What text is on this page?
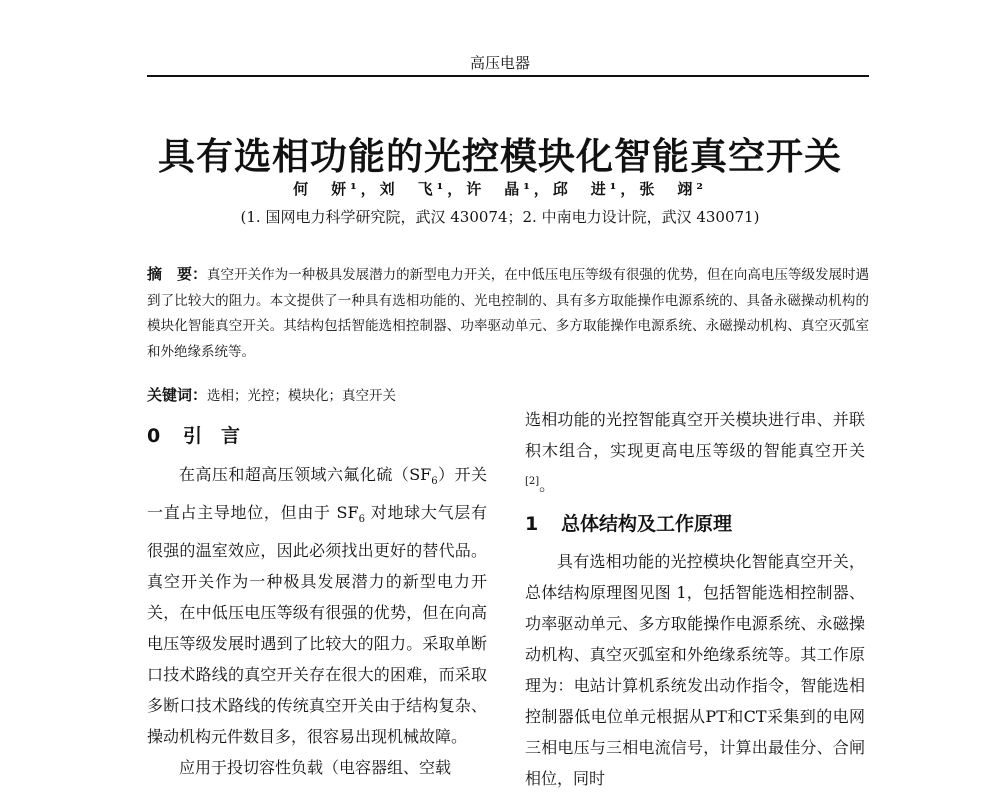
高压电器
具有选相功能的光控模块化智能真空开关
何　妍¹，刘　飞¹，许　晶¹，邱　进¹，张　翊²
(1. 国网电力科学研究院，武汉 430074；2. 中南电力设计院，武汉 430071)
摘　要：真空开关作为一种极具发展潜力的新型电力开关，在中低压电压等级有很强的优势，但在向高电压等级发展时遇到了比较大的阻力。本文提供了一种具有选相功能的、光电控制的、具有多方取能操作电源系统的、具备永磁操动机构的模块化智能真空开关。其结构包括智能选相控制器、功率驱动单元、多方取能操作电源系统、永磁操动机构、真空灭弧室和外绝缘系统等。
关键词：选相；光控；模块化；真空开关
0 引　言

在高压和超高压领域六氟化硫$(SF_6)$开关一直占主导地位，但由于 $SF_6$ 对地球大气层有很强的温室效应，因此必须找出更好的替代品。真空开关作为一种极具发展潜力的新型电力开关，在中低压电压等级有很强的优势，但在向高电压等级发展时遇到了比较大的阻力。采取单断口技术路线的真空开关存在很大的困难，而采取多断口技术路线的传统真空开关由于结构复杂、操动机构元件数目多，很容易出现机械故障。

应用于投切容性负载（电容器组、空载

选相功能的光控智能真空开关模块进行串、并联积木组合，实现更高电压等级的智能真空开关[2]。

1 总体结构及工作原理

具有选相功能的光控模块化智能真空开关，总体结构原理图见图 1，包括智能选相控制器、功率驱动单元、多方取能操作电源系统、永磁操动机构、真空灭弧室和外绝缘系统等。其工作原理为：电站计算机系统发出动作指令，智能选相控制器低电位单元根据从PT和CT采集到的电网三相电压与三相电流信号，计算出最佳分、合闸相位，同时
